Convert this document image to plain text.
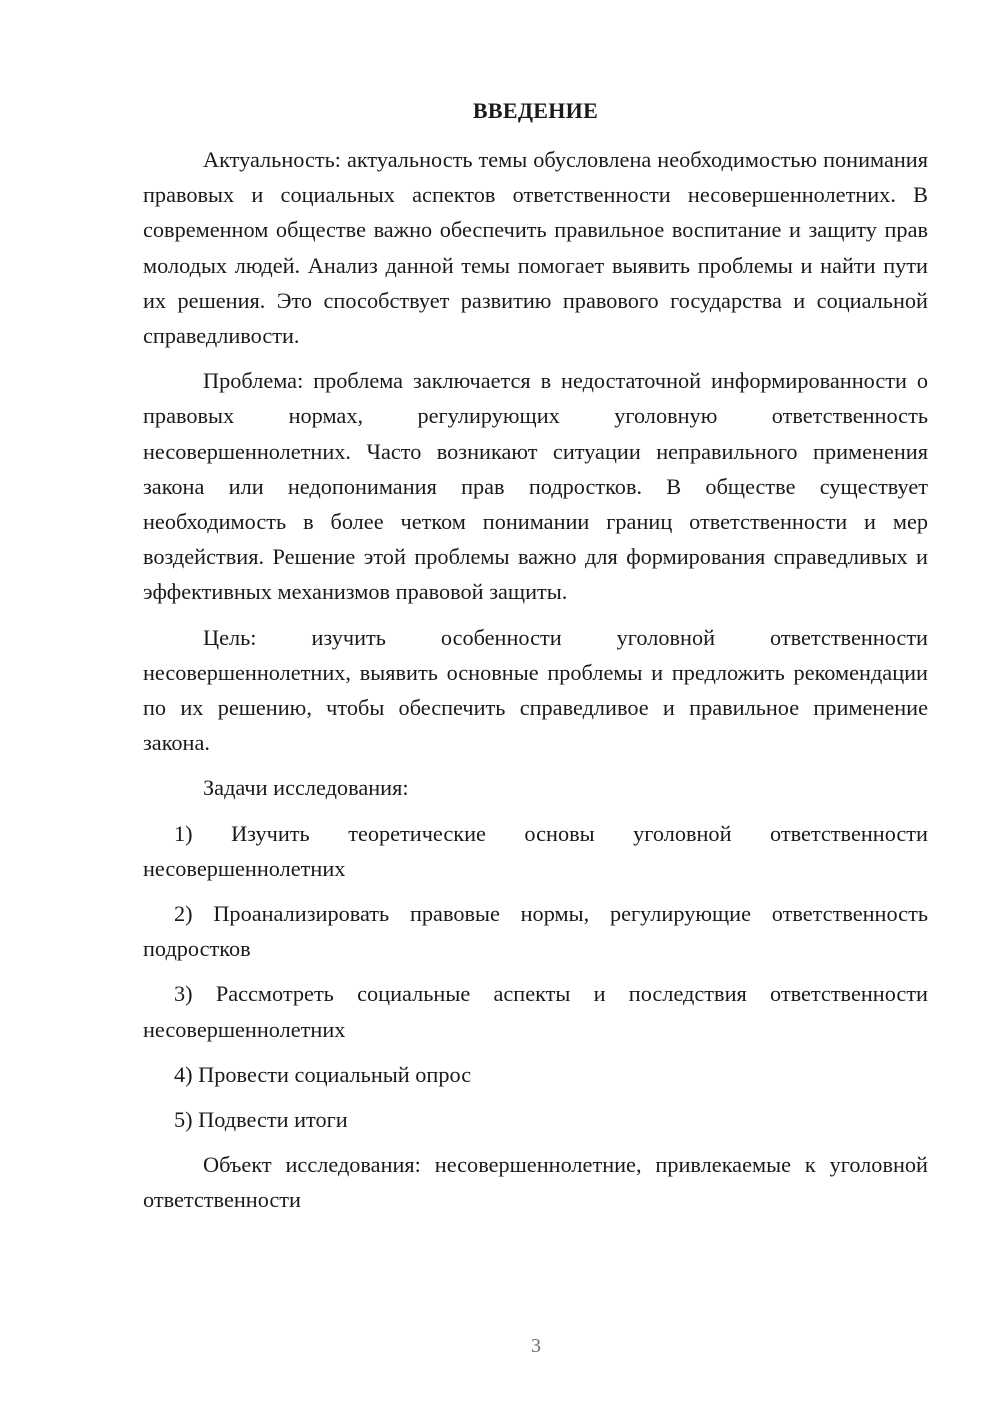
ВВЕДЕНИЕ

Актуальность: актуальность темы обусловлена необходимостью понимания правовых и социальных аспектов ответственности несовершеннолетних. В современном обществе важно обеспечить правильное воспитание и защиту прав молодых людей. Анализ данной темы помогает выявить проблемы и найти пути их решения. Это способствует развитию правового государства и социальной справедливости.

Проблема: проблема заключается в недостаточной информированности о правовых нормах, регулирующих уголовную ответственность несовершеннолетних. Часто возникают ситуации неправильного применения закона или недопонимания прав подростков. В обществе существует необходимость в более четком понимании границ ответственности и мер воздействия. Решение этой проблемы важно для формирования справедливых и эффективных механизмов правовой защиты.

Цель: изучить особенности уголовной ответственности несовершеннолетних, выявить основные проблемы и предложить рекомендации по их решению, чтобы обеспечить справедливое и правильное применение закона.

Задачи исследования:

1) Изучить теоретические основы уголовной ответственности несовершеннолетних

2) Проанализировать правовые нормы, регулирующие ответственность подростков

3) Рассмотреть социальные аспекты и последствия ответственности несовершеннолетних

4) Провести социальный опрос

5) Подвести итоги

Объект исследования: несовершеннолетние, привлекаемые к уголовной ответственности

3
